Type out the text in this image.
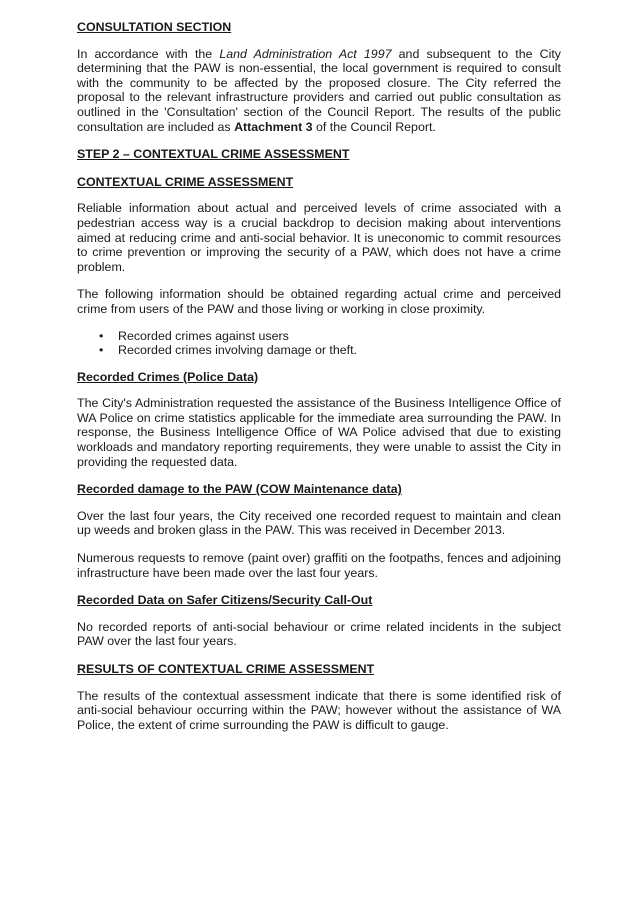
CONSULTATION SECTION

In accordance with the Land Administration Act 1997 and subsequent to the City determining that the PAW is non-essential, the local government is required to consult with the community to be affected by the proposed closure. The City referred the proposal to the relevant infrastructure providers and carried out public consultation as outlined in the 'Consultation' section of the Council Report. The results of the public consultation are included as Attachment 3 of the Council Report.

STEP 2 – CONTEXTUAL CRIME ASSESSMENT

CONTEXTUAL CRIME ASSESSMENT

Reliable information about actual and perceived levels of crime associated with a pedestrian access way is a crucial backdrop to decision making about interventions aimed at reducing crime and anti-social behavior. It is uneconomic to commit resources to crime prevention or improving the security of a PAW, which does not have a crime problem.

The following information should be obtained regarding actual crime and perceived crime from users of the PAW and those living or working in close proximity.

• Recorded crimes against users
• Recorded crimes involving damage or theft.

Recorded Crimes (Police Data)

The City's Administration requested the assistance of the Business Intelligence Office of WA Police on crime statistics applicable for the immediate area surrounding the PAW. In response, the Business Intelligence Office of WA Police advised that due to existing workloads and mandatory reporting requirements, they were unable to assist the City in providing the requested data.

Recorded damage to the PAW (COW Maintenance data)

Over the last four years, the City received one recorded request to maintain and clean up weeds and broken glass in the PAW. This was received in December 2013.

Numerous requests to remove (paint over) graffiti on the footpaths, fences and adjoining infrastructure have been made over the last four years.

Recorded Data on Safer Citizens/Security Call-Out

No recorded reports of anti-social behaviour or crime related incidents in the subject PAW over the last four years.

RESULTS OF CONTEXTUAL CRIME ASSESSMENT

The results of the contextual assessment indicate that there is some identified risk of anti-social behaviour occurring within the PAW; however without the assistance of WA Police, the extent of crime surrounding the PAW is difficult to gauge.
